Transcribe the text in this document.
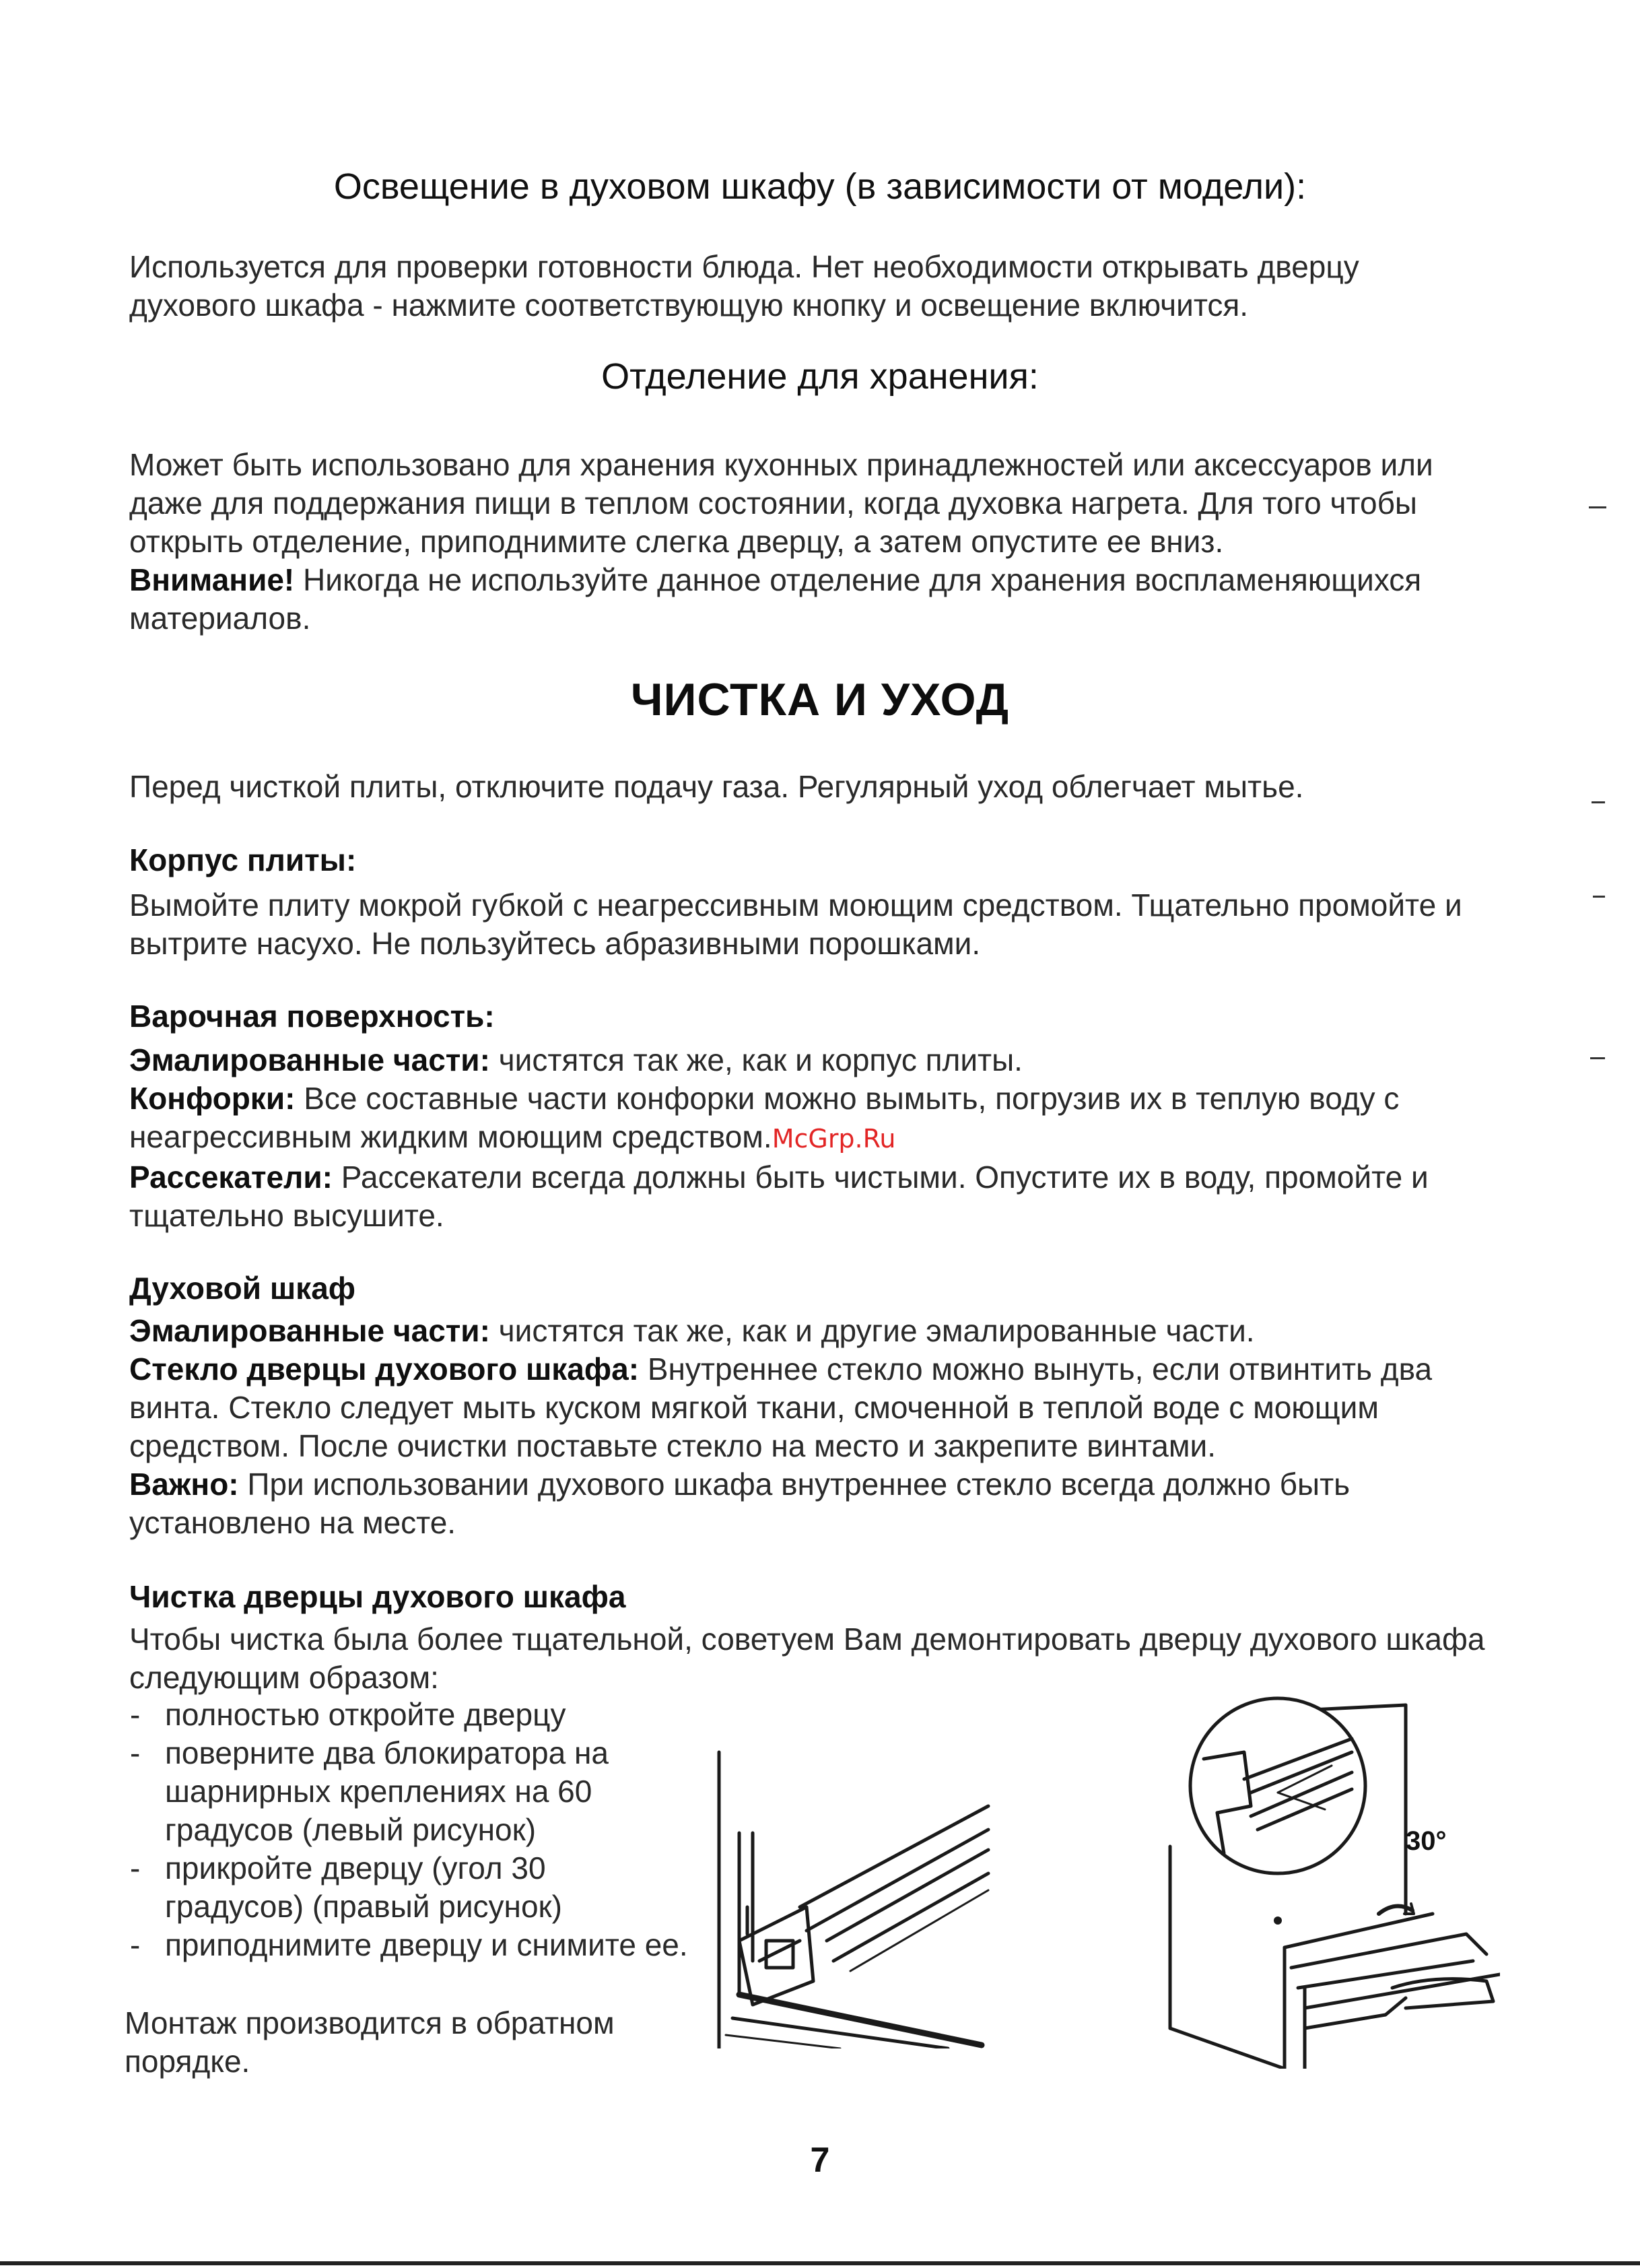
Освещение в духовом шкафу (в зависимости от модели):

Используется для проверки готовности блюда. Нет необходимости открывать дверцу духового шкафа - нажмите соответствующую кнопку и освещение включится.

Отделение для хранения:

Может быть использовано для хранения кухонных принадлежностей или аксессуаров или даже для поддержания пищи в теплом состоянии, когда духовка нагрета. Для того чтобы открыть отделение, приподнимите слегка дверцу, а затем опустите ее вниз.
Внимание! Никогда не используйте данное отделение для хранения воспламеняющихся материалов.

ЧИСТКА И УХОД

Перед чисткой плиты, отключите подачу газа. Регулярный уход облегчает мытье.

Корпус плиты:

Вымойте плиту мокрой губкой с неагрессивным моющим средством. Тщательно промойте и вытрите насухо. Не пользуйтесь абразивными порошками.

Варочная поверхность:

Эмалированные части: чистятся так же, как и корпус плиты.
Конфорки: Все составные части конфорки можно вымыть, погрузив их в теплую воду с неагрессивным жидким моющим средством.McGrp.Ru
Рассекатели: Рассекатели всегда должны быть чистыми. Опустите их в воду, промойте и тщательно высушите.

Духовой шкаф

Эмалированные части: чистятся так же, как и другие эмалированные части.
Стекло дверцы духового шкафа: Внутреннее стекло можно вынуть, если отвинтить два винта. Стекло следует мыть куском мягкой ткани, смоченной в теплой воде с моющим средством. После очистки поставьте стекло на место и закрепите винтами.
Важно: При использовании духового шкафа внутреннее стекло всегда должно быть установлено на месте.

Чистка дверцы духового шкафа

Чтобы чистка была более тщательной, советуем Вам демонтировать дверцу духового шкафа следующим образом:

- полностью откройте дверцу
- поверните два блокиратора на шарнирных креплениях на 60 градусов (левый рисунок)
- прикройте дверцу (угол 30 градусов) (правый рисунок)
- приподнимите дверцу и снимите ее.

Монтаж производится в обратном порядке.

30°
7
